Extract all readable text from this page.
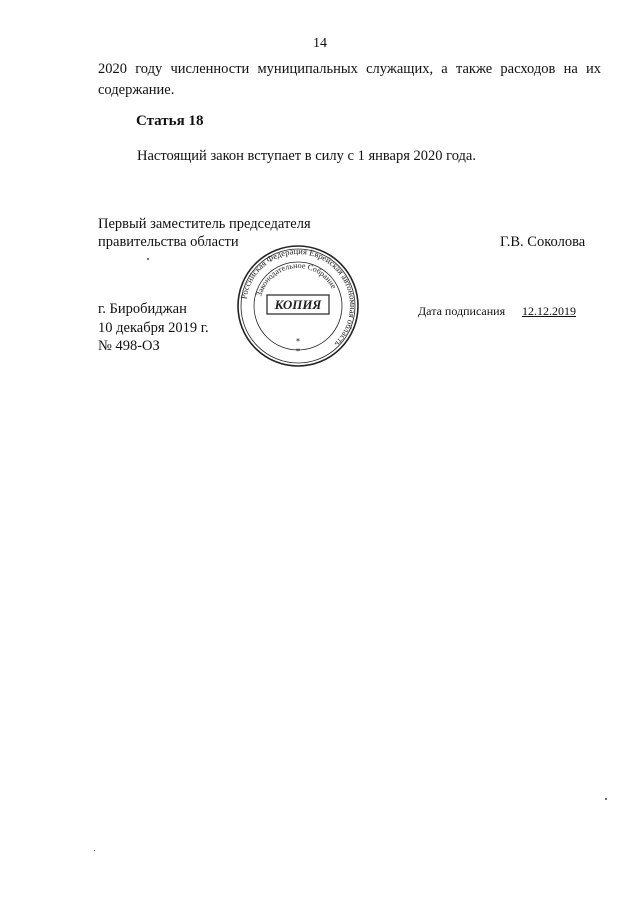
14
2020 году численности муниципальных служащих, а также расходов на их
содержание.
Статья 18
Настоящий закон вступает в силу с 1 января 2020 года.
Первый заместитель председателя
правительства области	Г.В. Соколова
Российская Федерация Еврейская автономная область
Законодательное Собрание
КОПИЯ
*
*
г. Биробиджан
10 декабря 2019 г.
№ 498-ОЗ
Дата подписания 12.12.2019
